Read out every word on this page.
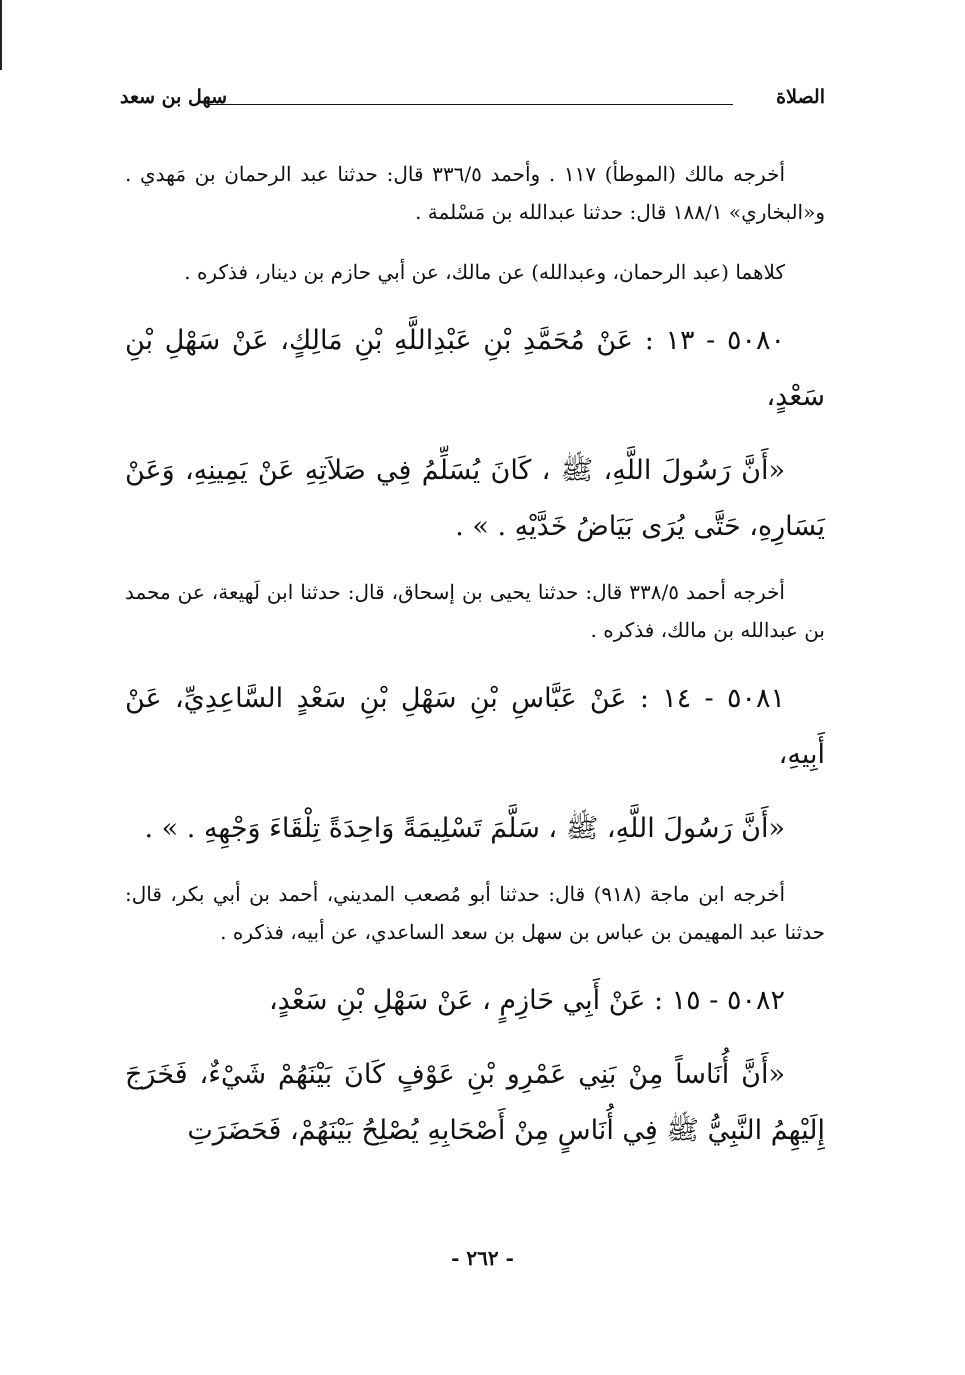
الصلاة
سهل بن سعد

أخرجه مالك (الموطأ) ١١٧ . وأحمد ٣٣٦/٥ قال: حدثنا عبد الرحمان بن مَهدي . و«البخاري» ١٨٨/١ قال: حدثنا عبدالله بن مَسْلمة .

كلاهما (عبد الرحمان، وعبدالله) عن مالك، عن أبي حازم بن دينار، فذكره .

٥٠٨٠ - ١٣ : عَنْ مُحَمَّدِ بْنِ عَبْدِاللَّهِ بْنِ مَالِكٍ، عَنْ سَهْلِ بْنِ سَعْدٍ،

«أَنَّ رَسُولَ اللَّهِ، ﷺ ، كَانَ يُسَلِّمُ فِي صَلاَتِهِ عَنْ يَمِينِهِ، وَعَنْ يَسَارِهِ، حَتَّى يُرَى بَيَاضُ خَدَّيْهِ . » .

أخرجه أحمد ٣٣٨/٥ قال: حدثنا يحيى بن إسحاق، قال: حدثنا ابن لَهيعة، عن محمد بن عبدالله بن مالك، فذكره .

٥٠٨١ - ١٤ : عَنْ عَبَّاسِ بْنِ سَهْلِ بْنِ سَعْدٍ السَّاعِدِيِّ، عَنْ أَبِيهِ،

«أَنَّ رَسُولَ اللَّهِ، ﷺ ، سَلَّمَ تَسْلِيمَةً وَاحِدَةً تِلْقَاءَ وَجْهِهِ . » .

أخرجه ابن ماجة (٩١٨) قال: حدثنا أبو مُصعب المديني، أحمد بن أبي بكر، قال: حدثنا عبد المهيمن بن عباس بن سهل بن سعد الساعدي، عن أبيه، فذكره .

٥٠٨٢ - ١٥ : عَنْ أَبِي حَازِمٍ ، عَنْ سَهْلِ بْنِ سَعْدٍ،

«أَنَّ أُنَاساً مِنْ بَنِي عَمْرِو بْنِ عَوْفٍ كَانَ بَيْنَهُمْ شَيْءٌ، فَخَرَجَ إِلَيْهِمُ النَّبِيُّ ﷺ فِي أُنَاسٍ مِنْ أَصْحَابِهِ يُصْلِحُ بَيْنَهُمْ، فَحَضَرَتِ

- ٢٦٢ -
